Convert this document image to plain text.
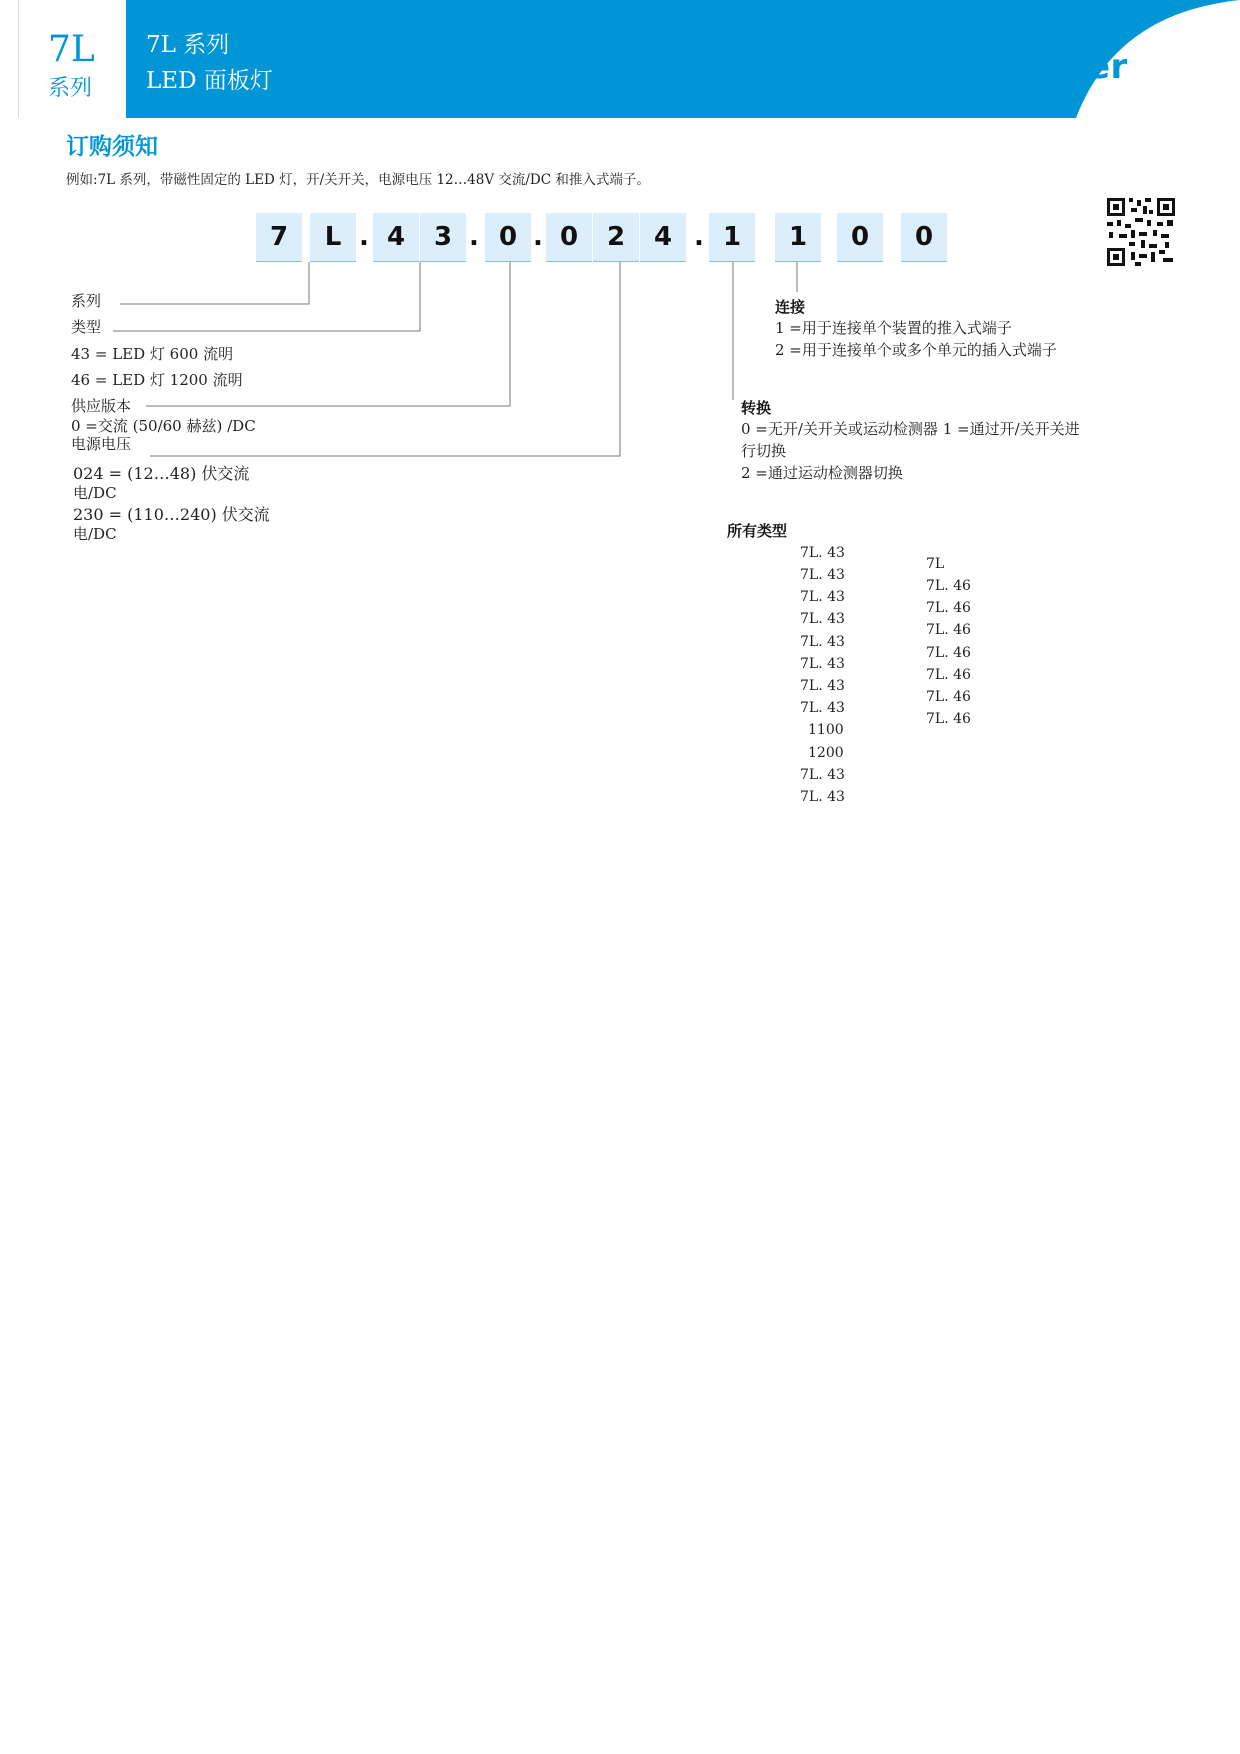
7L
系列
7L 系列
LED 面板灯	finder
订购须知
例如:7L 系列，带磁性固定的 LED 灯，开/关开关，电源电压 12…48V 交流/DC 和推入式端子。
7	L . 4	3 . 0 . 0	2	4 . 1	1	0	0
系列
类型
43 = LED 灯 600 流明
46 = LED 灯 1200 流明
供应版本
0 =交流 (50/60 赫兹) /DC
电源电压
024 = (12…48) 伏交流
电/DC
230 = (110…240) 伏交流
电/DC
连接
1 =用于连接单个装置的推入式端子
2 =用于连接单个或多个单元的插入式端子
转换
0 =无开/关开关或运动检测器 1 =通过开/关开关进
行切换
2 =通过运动检测器切换
所有类型
7L. 43
7L. 43
7L. 43
7L. 43
7L. 43
7L. 43
7L. 43
7L. 43
1100
1200
7L. 43
7L. 43
7L
7L. 46
7L. 46
7L. 46
7L. 46
7L. 46
7L. 46
7L. 46
